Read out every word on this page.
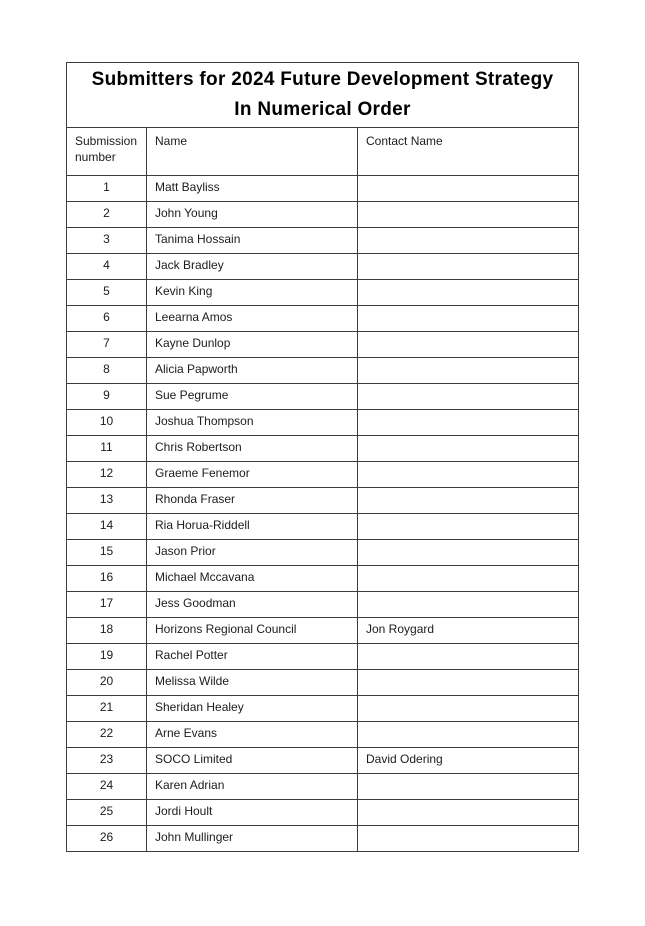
Submitters for 2024 Future Development Strategy
In Numerical Order		

Submission number	Name	Contact Name
1	Matt Bayliss	
2	John Young	
3	Tanima Hossain	
4	Jack Bradley	
5	Kevin King	
6	Leearna Amos	
7	Kayne Dunlop	
8	Alicia Papworth	
9	Sue Pegrume	
10	Joshua Thompson	
11	Chris Robertson	
12	Graeme Fenemor	
13	Rhonda Fraser	
14	Ria Horua-Riddell	
15	Jason Prior	
16	Michael Mccavana	
17	Jess Goodman	
18	Horizons Regional Council	Jon Roygard
19	Rachel Potter	
20	Melissa Wilde	
21	Sheridan Healey	
22	Arne Evans	
23	SOCO Limited	David Odering
24	Karen Adrian	
25	Jordi Hoult	
26	John Mullinger	
